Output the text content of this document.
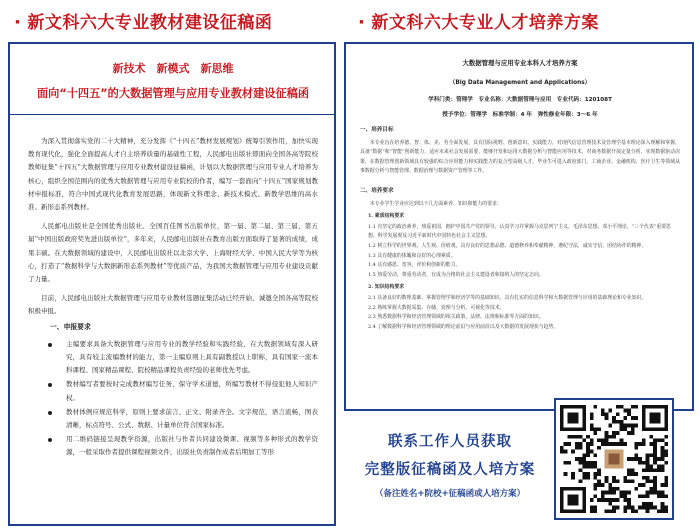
· 新文科六大专业教材建设征稿函	· 新文科六大专业人才培养方案
新技术　新模式　新思维
面向“十四五”的大数据管理与应用专业教材建设征稿函

为深入贯彻落实党的二十大精神，充分发挥《“十四五”教材发展规划》统筹引领作用，加快实现教育现代化，强化全面提高人才自主培养质量的基础性工程，人民邮电出版社即面向全国各高等院校教师征集“十四五”大数据管理与应用专业教材建设征稿函，计划以大数据管理与应用专业人才培养为核心，组织全国范围内的优秀大数据管理与应用专业院校的作者，编写一套面向“十四五”国家规划教材申报标准，符合中国式现代化教育发展思路，体现新文科理念、新技术模式、新教学思维的高水准、新形态系列教材。

人民邮电出版社是全国优秀出版社、全国百佳图书出版单位，第一届、第二届、第三届、第五届“中国出版政府奖先进出版单位”，多年来，人民邮电出版社在教育出版方面取得了显著的成绩，成果丰硕。在大数据领域的建设中，人民邮电出版社以北京大学、上海财经大学、中国人民大学等为核心，打造了“数据科学与大数据新形态系列教材”等优质产品，为我国大数据管理与应用专业建设贡献了力量。

目前，人民邮电出版社大数据管理与应用专业教材选题征集活动已经开始，诚邀全国各高等院校积极申报。

一、申报要求
主编要求具备大数据管理与应用专业的教学经验和实践经验，在大数据领域有深入研究，具有较主流编教材的能力，第一主编原则上具有副教授以上职称，具有国家一流本科课程、国家精品课程、院校精品课程负责经验的老师优先考虑。
教材编写者要按时完成教材编写任务，保守学术道德，所编写教材不得侵犯他人知识产权。
教材体例应规范科学，原则上要求前言、正文、附录齐全。文字规范，语言流畅，图表清晰，标点符号、公式、数据、计量单位符合国家标准。
用二维码链接呈现教学资源，出版社与作者共同建设微课、视频等多种形式的教学资源，一般采取作者提供课程视频文件，出版社负责制作成者后期加工等形
大数据管理与应用专业本科人才培养方案
（Big Data Management and Applications）
学科门类：管理学　专业名称：大数据管理与应用　专业代码：120108T
授予学位：管理学　标准学制：4 年　弹性修业年限：3～6 年
一、培养目标

本专业旨在培养德、智、体、美、劳全面发展，具有国际视野、创新意识、实践能力，对现代信息管理技术及管理学基本理论深入理解和掌握，具备“数据”和“智能”创新能力，适应未来社会发展需要，能够开发和运用大数据分析与智能应用等技术，对商务数据开展定量分析、实现数据驱动决策，在数据管理创新领域具有较强的综合应用能力和实践能力的复合型高级人才。毕业生可进入政府部门、工商企业、金融机构、医疗卫生等领域从事数据分析与智能管理、数据治理与数据资产管理等工作。

二、培养要求

本专业学生学业应达到以下几方面素养、知识和能力的要求：

1. 素质结构要求
1.1 有坚定的政治素养，热爱祖国，拥护中国共产党的领导，认真学习并掌握马克思列宁主义、毛泽东思想、邓小平理论、“三个代表”重要思想、科学发展观及习近平新时代中国特色社会主义思想。
1.2 树立科学的世界观、人生观、价值观，具有良好的思想品德、道德修养和奉献精神，遵纪守法，诚实守信，团结协作的精神。
1.3 具有健康的体魄和良好的心理素质。
1.4 具有感恩、宽容、评价和创新的能力。
1.5 热爱劳动，尊重劳动者，有成为合格的社会主义建设者和接班人的坚定志向。
2. 知识结构要求
2.1 具备良好的数理基础，掌握管理学和经济学等的基础知识，具有扎实的信息科学和大数据管理与应用的基础理论和专业知识。
2.2 熟练掌握大数据采集、存储、处理与分析、可视化等技术。
2.3 熟悉数据科学和经济管理领域的相关政策、法律、法规和标准等方面的知识。
2.4 了解数据科学和经济管理领域的理论前沿与应用前沿以及大数据的发展现状与趋势。
联系工作人员获取
完整版征稿函及人培方案
（备注姓名+院校+征稿函或人培方案）
